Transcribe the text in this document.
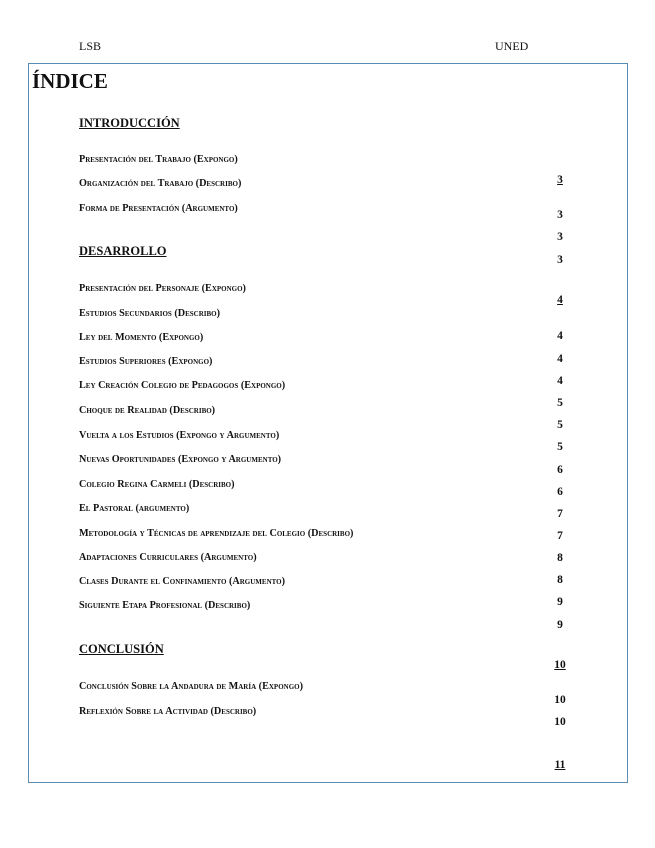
LSB	UNED
ÍNDICE
INTRODUCCIÓN
Presentación del Trabajo (Expongo)
Organización del Trabajo (Describo)
Forma de Presentación (Argumento)
DESARROLLO
Presentación del Personaje (Expongo)
Estudios Secundarios (Describo)
Ley del Momento (Expongo)
Estudios Superiores (Expongo)
Ley Creación Colegio de Pedagogos (Expongo)
Choque de Realidad (Describo)
Vuelta a los Estudios (Expongo y Argumento)
Nuevas Oportunidades (Expongo y Argumento)
Colegio Regina Carmeli (Describo)
El Pastoral (argumento)
Metodología y Técnicas de aprendizaje del Colegio (Describo)
Adaptaciones Curriculares (Argumento)
Clases Durante el Confinamiento (Argumento)
Siguiente Etapa Profesional (Describo)
CONCLUSIÓN
Conclusión Sobre la Andadura de María (Expongo)
Reflexión Sobre la Actividad (Describo)
3
3
3
3
4
4
4
4
5
5
5
6
6
7
7
8
8
9
9
10
10
10
11
